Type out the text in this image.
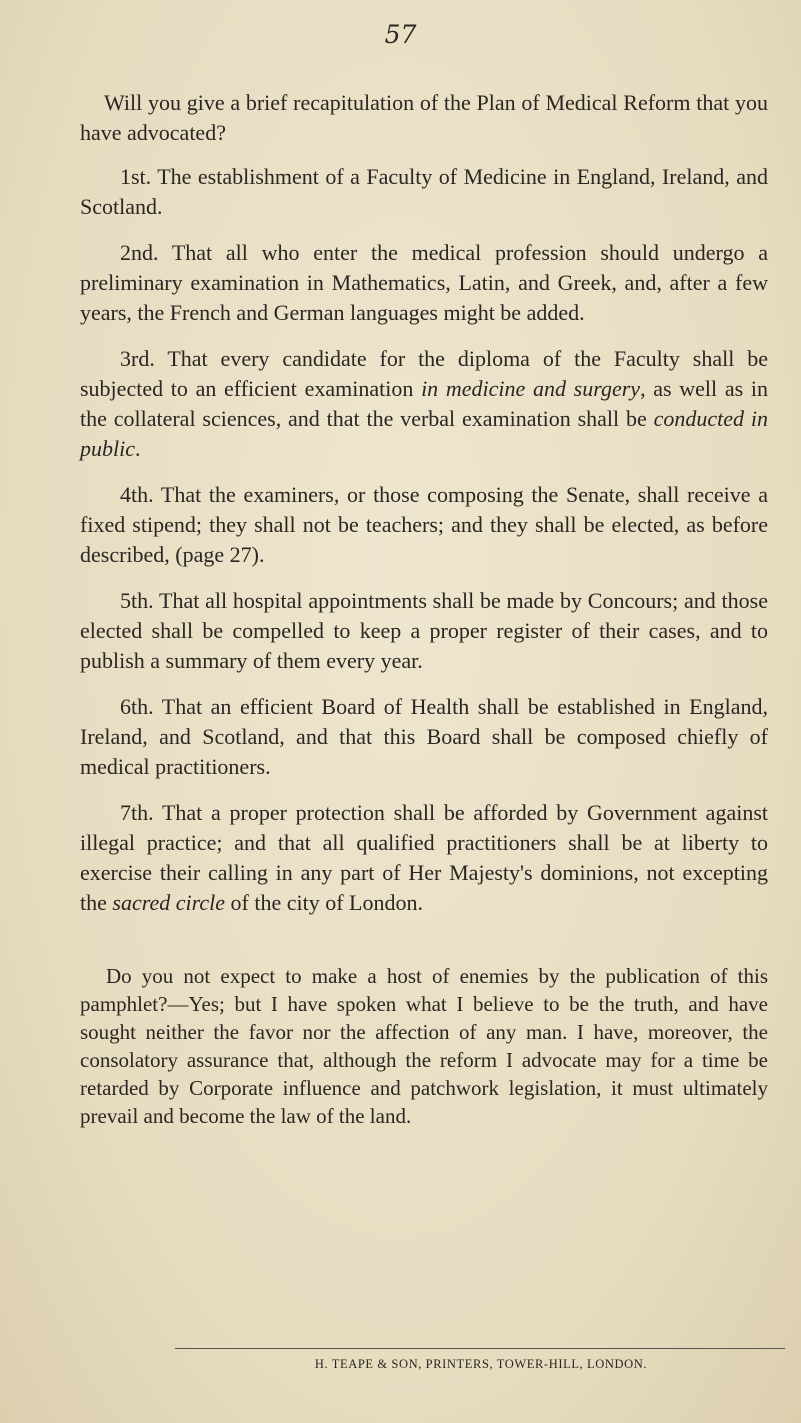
57

Will you give a brief recapitulation of the Plan of Medical Reform that you have advocated?

1st. The establishment of a Faculty of Medicine in England, Ireland, and Scotland.

2nd. That all who enter the medical profession should undergo a preliminary examination in Mathematics, Latin, and Greek, and, after a few years, the French and German languages might be added.

3rd. That every candidate for the diploma of the Faculty shall be subjected to an efficient examination in medicine and surgery, as well as in the collateral sciences, and that the verbal examination shall be conducted in public.

4th. That the examiners, or those composing the Senate, shall receive a fixed stipend; they shall not be teachers; and they shall be elected, as before described, (page 27).

5th. That all hospital appointments shall be made by Concours; and those elected shall be compelled to keep a proper register of their cases, and to publish a summary of them every year.

6th. That an efficient Board of Health shall be established in England, Ireland, and Scotland, and that this Board shall be composed chiefly of medical practitioners.

7th. That a proper protection shall be afforded by Government against illegal practice; and that all qualified practitioners shall be at liberty to exercise their calling in any part of Her Majesty's dominions, not excepting the sacred circle of the city of London.

Do you not expect to make a host of enemies by the publication of this pamphlet?—Yes; but I have spoken what I believe to be the truth, and have sought neither the favor nor the affection of any man. I have, moreover, the consolatory assurance that, although the reform I advocate may for a time be retarded by Corporate influence and patchwork legislation, it must ultimately prevail and become the law of the land.

H. TEAPE & SON, PRINTERS, TOWER-HILL, LONDON.
